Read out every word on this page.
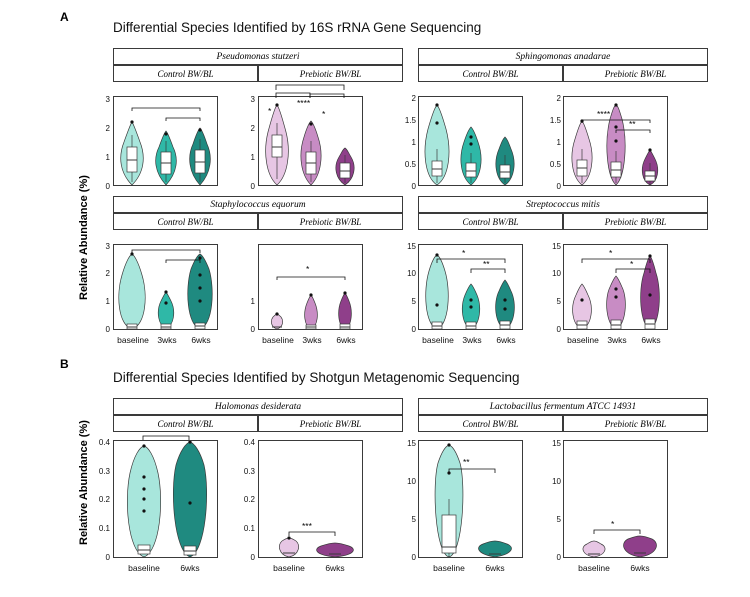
A
Differential Species Identified by 16S rRNA Gene Sequencing
Relative Abundance (%)
Pseudomonas stutzeri
Control BW/BL	Prebiotic BW/BL
0
1
2
3
*
****
*
0
1
2
3
Sphingomonas anadarae
Control BW/BL	Prebiotic BW/BL
0
0.5
1
1.5
2
****
**
0
0.5
1
1.5
2
Staphylococcus equorum
Control BW/BL	Prebiotic BW/BL
0
1
2
3
*
0
1
Streptococcus mitis
Control BW/BL	Prebiotic BW/BL
*
**
0
5
10
15
*
*
0
5
10
15
baseline 3wks	6wks	baseline 3wks	6wks	baseline 3wks	6wks	baseline 3wks	6wks
B
Differential Species Identified by Shotgun Metagenomic Sequencing
Relative Abundance (%)
Halomonas desiderata
Control BW/BL	Prebiotic BW/BL
0
0.1
0.2
0.3
0.4
***
0
0.1
0.2
0.3
0.4
Lactobacillus fermentum ATCC 14931
Control BW/BL	Prebiotic BW/BL
**
0
5
10
15
*
0
5
10
15
baseline	6wks	baseline	6wks	baseline	6wks	baseline	6wks
